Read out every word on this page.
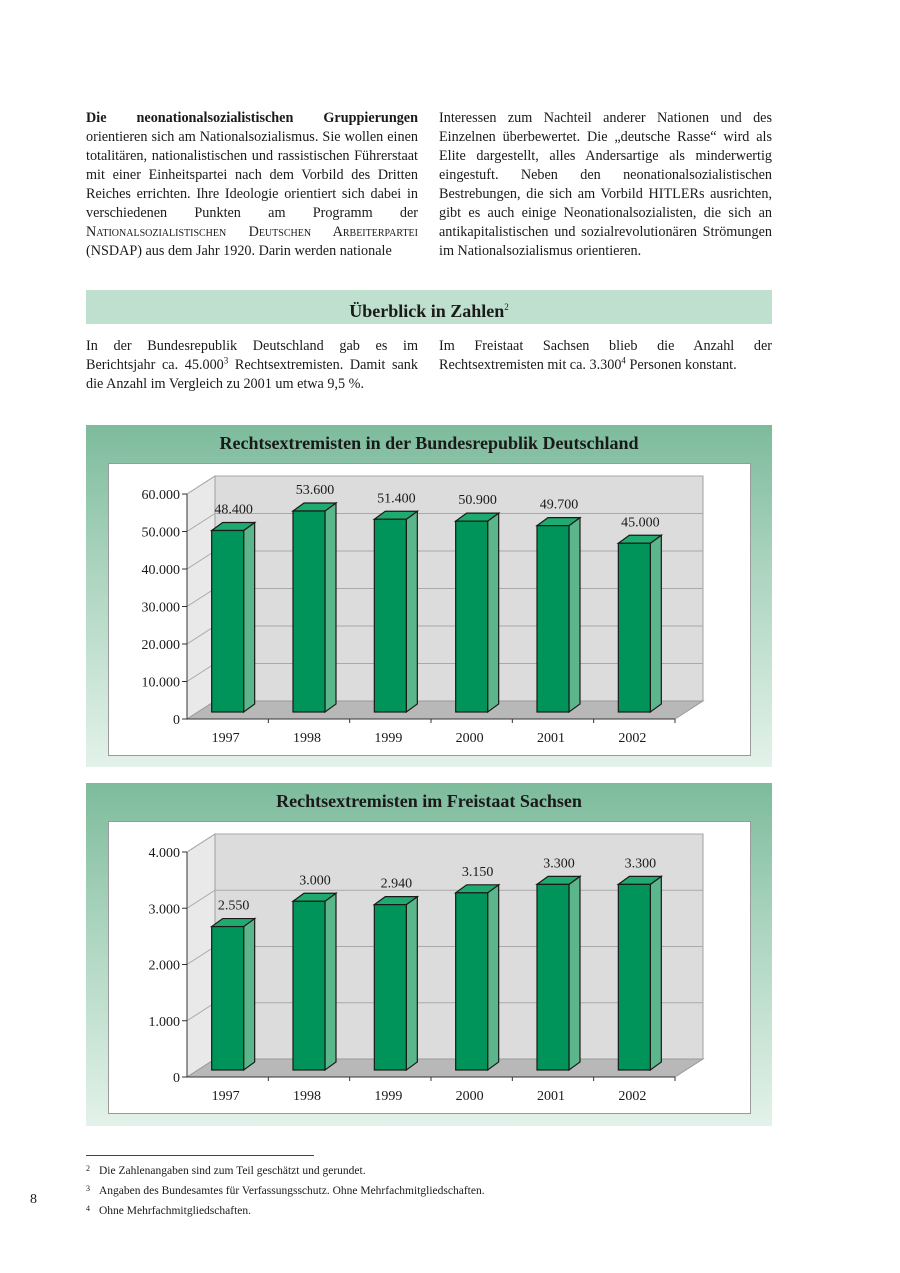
Die neonationalsozialistischen Gruppierungen orientieren sich am Nationalsozialismus. Sie wollen einen totalitären, nationalistischen und rassistischen Führerstaat mit einer Einheitspartei nach dem Vorbild des Dritten Reiches errichten. Ihre Ideologie orientiert sich dabei in verschiedenen Punkten am Programm der Nationalsozialistischen Deutschen Arbeiterpartei (NSDAP) aus dem Jahr 1920. Darin werden nationale

Interessen zum Nachteil anderer Nationen und des Einzelnen überbewertet. Die „deutsche Rasse“ wird als Elite dargestellt, alles Andersartige als minderwertig eingestuft. Neben den neonationalsozialistischen Bestrebungen, die sich am Vorbild HITLERs ausrichten, gibt es auch einige Neonationalsozialisten, die sich an antikapitalistischen und sozialrevolutionären Strömungen im Nationalsozialismus orientieren.

Überblick in Zahlen$^2$

In der Bundesrepublik Deutschland gab es im Berichtsjahr ca. 45.000$^3$ Rechtsextremisten. Damit sank die Anzahl im Vergleich zu 2001 um etwa 9,5 %.

Im Freistaat Sachsen blieb die Anzahl der Rechtsextremisten mit ca. 3.300$^4$ Personen konstant.

Rechtsextremisten in der Bundesrepublik Deutschland
0
10.000
20.000
30.000
40.000
50.000
60.000
48.400
1997
53.600
1998
51.400
1999
50.900
2000
49.700
2001
45.000
2002
Rechtsextremisten im Freistaat Sachsen
0
1.000
2.000
3.000
4.000
2.550
1997
3.000
1998
2.940
1999
3.150
2000
3.300
2001
3.300
2002
$^2$ Die Zahlenangaben sind zum Teil geschätzt und gerundet.
$^3$ Angaben des Bundesamtes für Verfassungsschutz. Ohne Mehrfachmitgliedschaften.
$^4$ Ohne Mehrfachmitgliedschaften.
8
